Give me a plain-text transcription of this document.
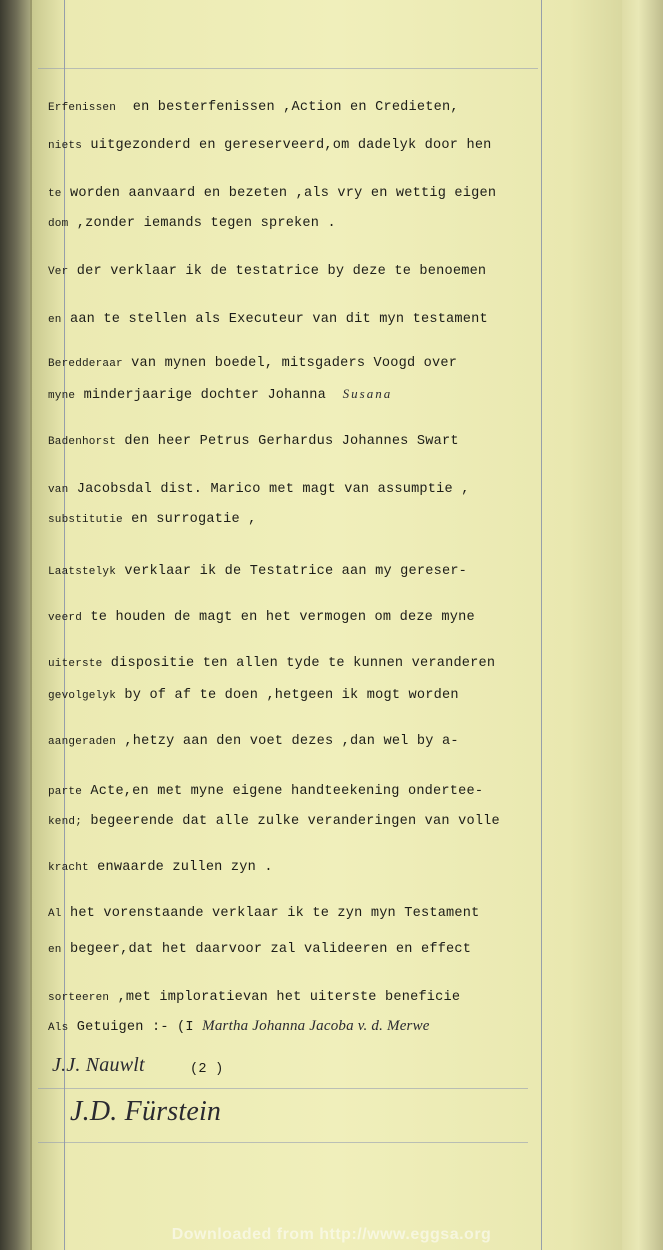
Erfenissen  en besterfenissen ,Action en Credieten,
niets uitgezonderd en gereserveerd,om dadelyk door hen
te worden aanvaard en bezeten ,als vry en wettig eigen
dom ,zonder iemands tegen spreken .
Ver der verklaar ik de testatrice by deze te benoemen
en aan te stellen als Executeur van dit myn testament
Beredderaar van mynen boedel, mitsgaders Voogd over
myne minderjaarige dochter Johanna Susana
Badenhorst den heer Petrus Gerhardus Johannes Swart
van Jacobsdal dist. Marico met magt van assumptie ,
substitutie en surrogatie ,
Laatstelyk verklaar ik de Testatrice aan my gereser-
veerd te houden de magt en het vermogen om deze myne
uiterste dispositie ten allen tyde te kunnen veranderen
gevolgelyk by of af te doen ,hetgeen ik mogt worden
aangeraden ,hetzy aan den voet dezes ,dan wel by a-
parte Acte,en met myne eigene handteekening ondertee-
kend; begeerende dat alle zulke veranderingen van volle
kracht enwaarde zullen zyn .
Al het vorenstaande verklaar ik te zyn myn Testament
en begeer,dat het daarvoor zal valideeren en effect
sorteeren ,met imploratievan het uiterste beneficie
Als Getuigen :- (I Martha Johanna Jacoba v. d. Merwe
J.J. Nauwlt	(2 )
J.D. Fürstein
Downloaded from http://www.eggsa.org
